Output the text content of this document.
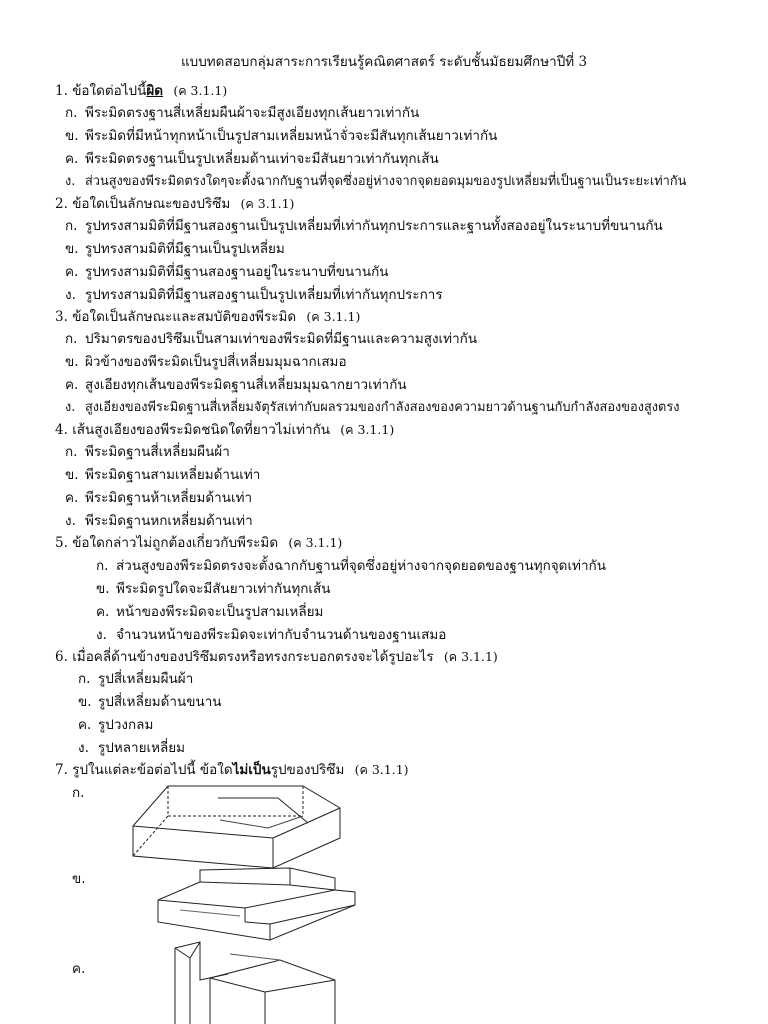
แบบทดสอบกลุ่มสาระการเรียนรู้คณิตศาสตร์ ระดับชั้นมัธยมศึกษาปีที่ 3
1. ข้อใดต่อไปนี้ผิด (ค 3.1.1)
ก. พีระมิดตรงฐานสี่เหลี่ยมผืนผ้าจะมีสูงเอียงทุกเส้นยาวเท่ากัน
ข. พีระมิดที่มีหน้าทุกหน้าเป็นรูปสามเหลี่ยมหน้าจั่วจะมีสันทุกเส้นยาวเท่ากัน
ค. พีระมิดตรงฐานเป็นรูปเหลี่ยมด้านเท่าจะมีสันยาวเท่ากันทุกเส้น
ง. ส่วนสูงของพีระมิดตรงใดๆจะตั้งฉากกับฐานที่จุดซึ่งอยู่ห่างจากจุดยอดมุมของรูปเหลี่ยมที่เป็นฐานเป็นระยะเท่ากัน
2. ข้อใดเป็นลักษณะของปริซึม (ค 3.1.1)
ก. รูปทรงสามมิติที่มีฐานสองฐานเป็นรูปเหลี่ยมที่เท่ากันทุกประการและฐานทั้งสองอยู่ในระนาบที่ขนานกัน
ข. รูปทรงสามมิติที่มีฐานเป็นรูปเหลี่ยม
ค. รูปทรงสามมิติที่มีฐานสองฐานอยู่ในระนาบที่ขนานกัน
ง. รูปทรงสามมิติที่มีฐานสองฐานเป็นรูปเหลี่ยมที่เท่ากันทุกประการ
3. ข้อใดเป็นลักษณะและสมบัติของพีระมิด (ค 3.1.1)
ก. ปริมาตรของปริซึมเป็นสามเท่าของพีระมิดที่มีฐานและความสูงเท่ากัน
ข. ผิวข้างของพีระมิดเป็นรูปสี่เหลี่ยมมุมฉากเสมอ
ค. สูงเอียงทุกเส้นของพีระมิดฐานสี่เหลี่ยมมุมฉากยาวเท่ากัน
ง. สูงเอียงของพีระมิดฐานสี่เหลี่ยมจัตุรัสเท่ากับผลรวมของกำลังสองของความยาวด้านฐานกับกำลังสองของสูงตรง
4. เส้นสูงเอียงของพีระมิดชนิดใดที่ยาวไม่เท่ากัน (ค 3.1.1)
ก. พีระมิดฐานสี่เหลี่ยมผืนผ้า
ข. พีระมิดฐานสามเหลี่ยมด้านเท่า
ค. พีระมิดฐานห้าเหลี่ยมด้านเท่า
ง. พีระมิดฐานหกเหลี่ยมด้านเท่า
5. ข้อใดกล่าวไม่ถูกต้องเกี่ยวกับพีระมิด (ค 3.1.1)
ก. ส่วนสูงของพีระมิดตรงจะตั้งฉากกับฐานที่จุดซึ่งอยู่ห่างจากจุดยอดของฐานทุกจุดเท่ากัน
ข. พีระมิดรูปใดจะมีสันยาวเท่ากันทุกเส้น
ค. หน้าของพีระมิดจะเป็นรูปสามเหลี่ยม
ง. จำนวนหน้าของพีระมิดจะเท่ากับจำนวนด้านของฐานเสมอ
6. เมื่อคลี่ด้านข้างของปริซึมตรงหรือทรงกระบอกตรงจะได้รูปอะไร (ค 3.1.1)
ก. รูปสี่เหลี่ยมผืนผ้า
ข. รูปสี่เหลี่ยมด้านขนาน
ค. รูปวงกลม
ง. รูปหลายเหลี่ยม
7. รูปในแต่ละข้อต่อไปนี้ ข้อใดไม่เป็นรูปของปริซึม (ค 3.1.1)
ก.
ข.
ค.
